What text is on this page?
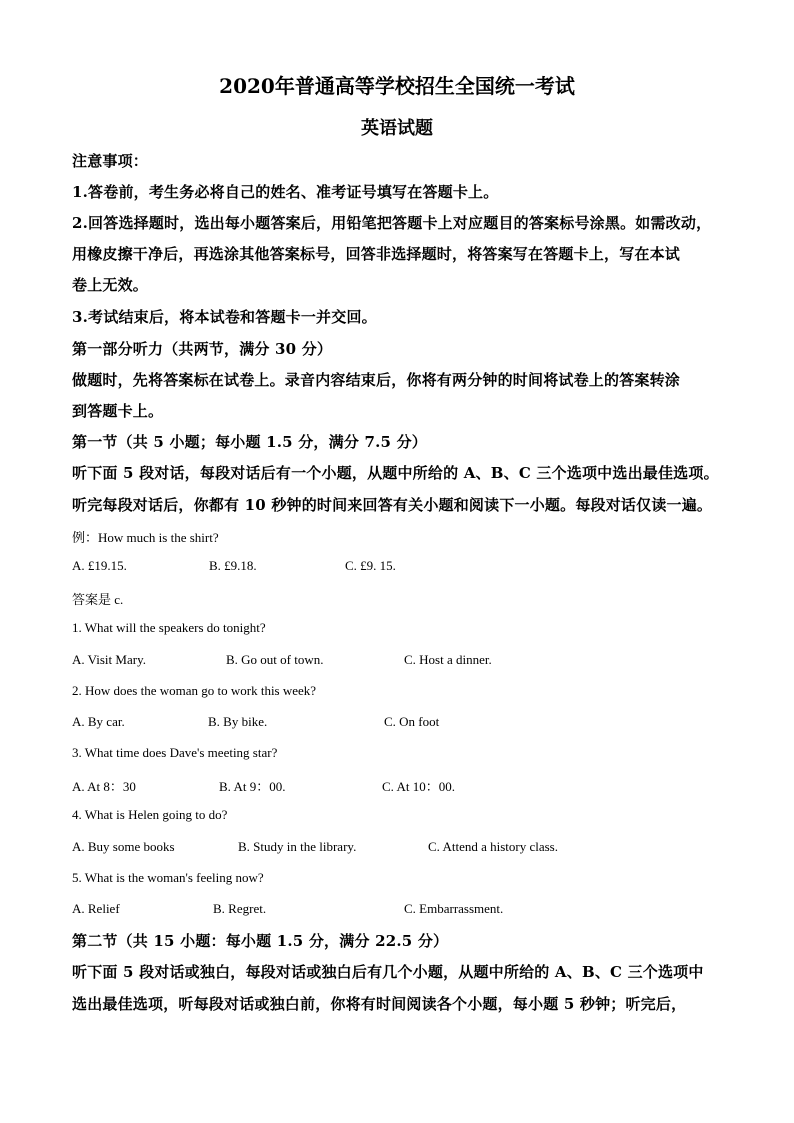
2020年普通高等学校招生全国统一考试
英语试题
注意事项：
1.答卷前，考生务必将自己的姓名、准考证号填写在答题卡上。
2.回答选择题时，选出每小题答案后，用铅笔把答题卡上对应题目的答案标号涂黑。如需改动，
用橡皮擦干净后，再选涂其他答案标号，回答非选择题时，将答案写在答题卡上，写在本试
卷上无效。
3.考试结束后，将本试卷和答题卡一并交回。
第一部分听力（共两节，满分 30 分）
做题时，先将答案标在试卷上。录音内容结束后，你将有两分钟的时间将试卷上的答案转涂
到答题卡上。
第一节（共 5 小题；每小题 1.5 分，满分 7.5 分）
听下面 5 段对话，每段对话后有一个小题，从题中所给的 A、B、C 三个选项中选出最佳选项。
听完每段对话后，你都有 10 秒钟的时间来回答有关小题和阅读下一小题。每段对话仅读一遍。
例：How much is the shirt?
A. £19.15.	B. £9.18.	C. £9. 15.
答案是 c.
1. What will the speakers do tonight?
A. Visit Mary.	B. Go out of town.	C. Host a dinner.
2. How does the woman go to work this week?
A. By car.	B. By bike.	C. On foot
3. What time does Dave's meeting star?
A. At 8：30	B. At 9：00.	C. At 10：00.
4. What is Helen going to do?
A. Buy some books	B. Study in the library.	C. Attend a history class.
5. What is the woman's feeling now?
A. Relief	B. Regret.	C. Embarrassment.
第二节（共 15 小题：每小题 1.5 分，满分 22.5 分）
听下面 5 段对话或独白，每段对话或独白后有几个小题，从题中所给的 A、B、C 三个选项中
选出最佳选项，听每段对话或独白前，你将有时间阅读各个小题，每小题 5 秒钟；听完后，
